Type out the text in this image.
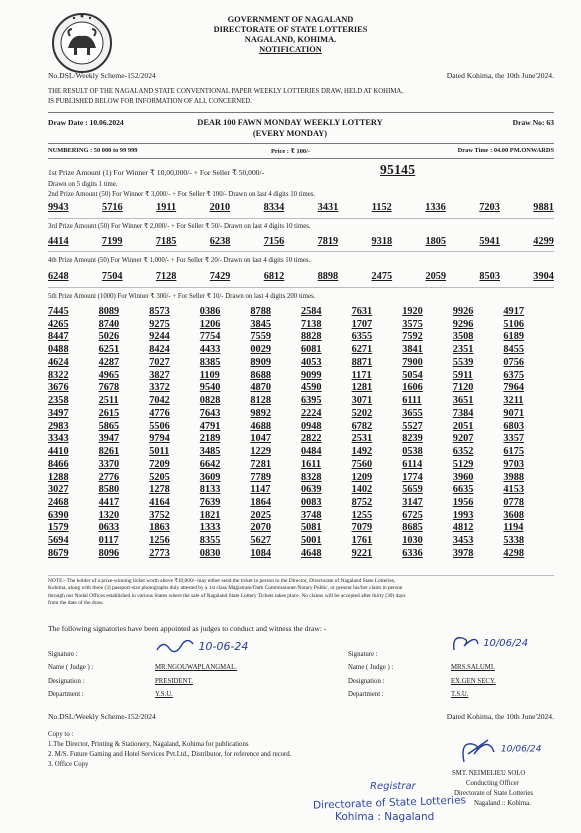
GOVERNMENT OF NAGALAND
DIRECTORATE OF STATE LOTTERIES
NAGALAND, KOHIMA.
NOTIFICATION
No.DSL/Weekly Scheme-152/2024	Dated Kohima, the 10th June'2024.
THE RESULT OF THE NAGALAND STATE CONVENTIONAL PAPER WEEKLY LOTTERIES DRAW, HELD AT KOHIMA,
IS PUBLISHED BELOW FOR INFORMATION OF ALL CONCERNED.
Draw Date : 10.06.2024	DEAR 100 FAWN MONDAY WEEKLY LOTTERY
(EVERY MONDAY)
Draw No: 63
NUMBERING : 50 000 to 99 999	Price : ₹ 100/-	Draw Time : 04.00 PM.ONWARDS
1st Prize Amount (1) For Winner ₹ 10,00,000/- + For Seller ₹ 50,000/-	95145
Drawn on 5 digits 1 time.
2nd Prize Amount (50) For Winner ₹ 3,000/- + For Seller ₹ 100/- Drawn on last 4 digits 10 times.
9943	5716	1911	2010	8334	3431	1152	1336	7203	9881
3rd Prize Amount (50) For Winner ₹ 2,000/- + For Seller ₹ 50/- Drawn on last 4 digits 10 times.
4414	7199	7185	6238	7156	7819	9318	1805	5941	4299
4th Prize Amount (50) For Winner ₹ 1,000/- + For Seller ₹ 20/- Drawn on last 4 digits 10 times.
6248	7504	7128	7429	6812	8898	2475	2059	8503	3904
5th Prize Amount (1000) For Winner ₹ 300/- + For Seller ₹ 10/- Drawn on last 4 digits 200 times.
7445	8089	8573	0386	8788	2584	7631	1920	9926	4917
4265	8740	9275	1206	3845	7138	1707	3575	9296	5106
8447	5026	9244	7754	7559	8828	6355	7592	3508	6189
0488	6251	8424	4433	0029	6081	6271	3841	2351	8455
4624	4287	7027	8385	8909	4053	8871	7900	5539	0756
8322	4965	3827	1109	8688	9099	1171	5054	5911	6375
3676	7678	3372	9540	4870	4590	1281	1606	7120	7964
2358	2511	7042	0828	8128	6395	3071	6111	3651	3211
3497	2615	4776	7643	9892	2224	5202	3655	7384	9071
2983	5865	5506	4791	4688	0948	6782	5527	2051	6803
3343	3947	9794	2189	1047	2822	2531	8239	9207	3357
4410	8261	5011	3485	1229	0484	1492	0538	6352	6175
8466	3370	7209	6642	7281	1611	7560	6114	5129	9703
1288	2776	5205	3609	7789	8328	1209	1774	3960	3988
3027	8580	1278	8133	1147	0639	1402	5659	6635	4153
2468	4417	4164	7639	1864	0083	8752	3147	1956	0778
6390	1320	3752	1821	2025	3748	1255	6725	1993	3608
1579	0633	1863	1333	2070	5081	7079	8685	4812	1194
5694	0117	1256	8355	5627	5001	1761	1030	3453	5338
8679	8096	2773	0830	1084	4648	9221	6336	3978	4298
NOTE:- The holder of a prize-winning ticket worth above ₹10,000/- may either send the ticket in person to the Director, Directorate of Nagaland State Lotteries,
Kohima, along with three (3) passport-size photographs duly attested by a 1st class Magistrate/Oath Commissioner/Notary Public, or present his/her claim in person
through our Nodal Offices established in various States where the sale of Nagaland State Lottery Tickets takes place. No claims will be accepted after thirty (30) days
from the date of the draw.
The following signatories have been appointed as judges to conduct and witness the draw: -
Signature :
10-06-24
Name ( Judge ) :	MR.NGOUWAPLANGMAL.
Designation :	PRESIDENT.
Department :	Y.S.U.
Signature :
10/06/24
Name ( Judge ) :	MRS.SALUMI.
Designation :	EX.GEN SECY.
Department :	T.S.U.
No.DSL/Weekly Scheme-152/2024	Dated Kohima, the 10th June'2024.
Copy to :
1.The Director, Printing & Stationery, Nagaland, Kohima for publications
2. M/S. Future Gaming and Hotel Services Pvt.Ltd., Distributor, for reference and record.
3. Office Copy
10/06/24
SMT. NEIMELIEU SOLO
Conducting Officer
Directorate of State Lotteries
Nagaland :: Kohima.
Registrar
Directorate of State Lotteries
Kohima : Nagaland
